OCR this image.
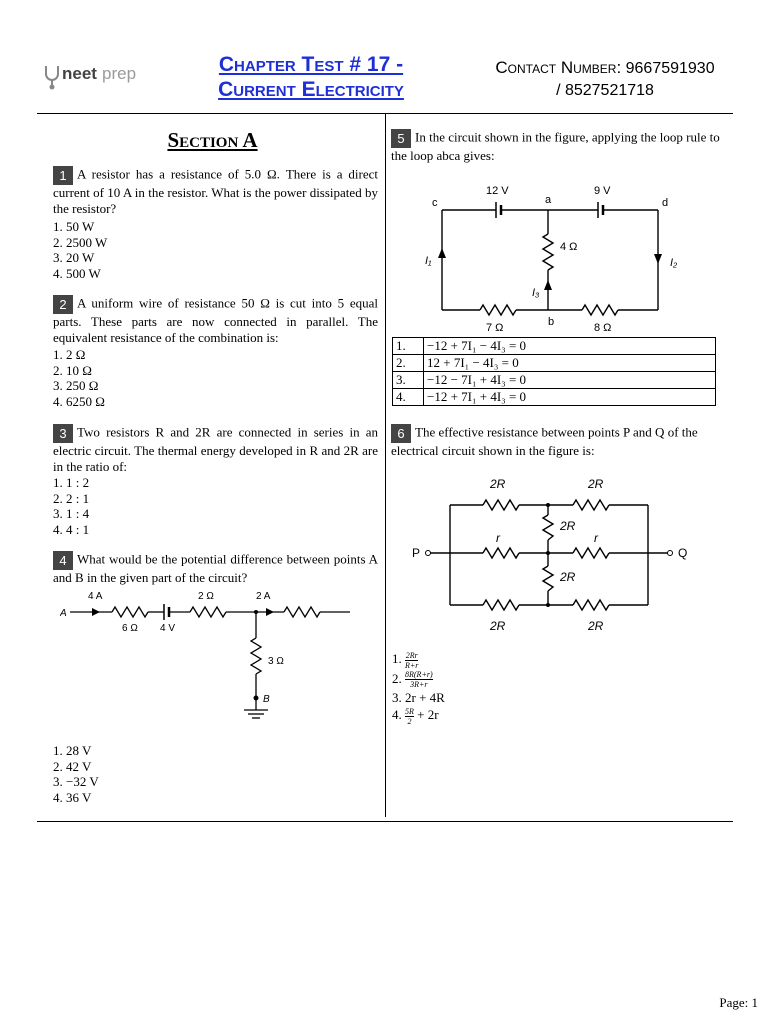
neet prep	Chapter Test # 17 -
Current Electricity
Contact Number: 9667591930
/ 8527521718
Section A
1 A resistor has a resistance of 5.0 Ω. There is a direct current of 10 A in the resistor. What is the power dissipated by the resistor?
1. 50 W
2. 2500 W
3. 20 W
4. 500 W
2 A uniform wire of resistance 50 Ω is cut into 5 equal parts. These parts are now connected in parallel. The equivalent resistance of the combination is:
1. 2 Ω
2. 10 Ω
3. 250 Ω
4. 6250 Ω
3 Two resistors R and 2R are connected in series in an electric circuit. The thermal energy developed in R and 2R are in the ratio of:
1. 1 : 2
2. 2 : 1
3. 1 : 4
4. 4 : 1
4 What would be the potential difference between points A and B in the given part of the circuit?
A
4 A	2 Ω	2 A
6 Ω 4 V
3 Ω
B
1. 28 V
2. 42 V
3. −32 V
4. 36 V
5 In the circuit shown in the figure, applying the loop rule to the loop abca gives:
12 V	9 V
a
c	d
4 Ω
I₁	I₂
I₃
b
7 Ω	8 Ω
1.	−12 + 7I₁ − 4I₃ = 0
2.	12 + 7I₁ − 4I₃ = 0
3.	−12 − 7I₁ + 4I₃ = 0
4.	−12 + 7I₁ + 4I₃ = 0
6 The effective resistance between points P and Q of the electrical circuit shown in the figure is:
2R	2R
2R
2R
2R	2R
r	r
P	Q
1. $\frac{2Rr}{R+r}$
2. $\frac{8R(R+r)}{3R+r}$
3. 2r + 4R
4. $\frac{5R}{2} + 2r$
Page: 1
